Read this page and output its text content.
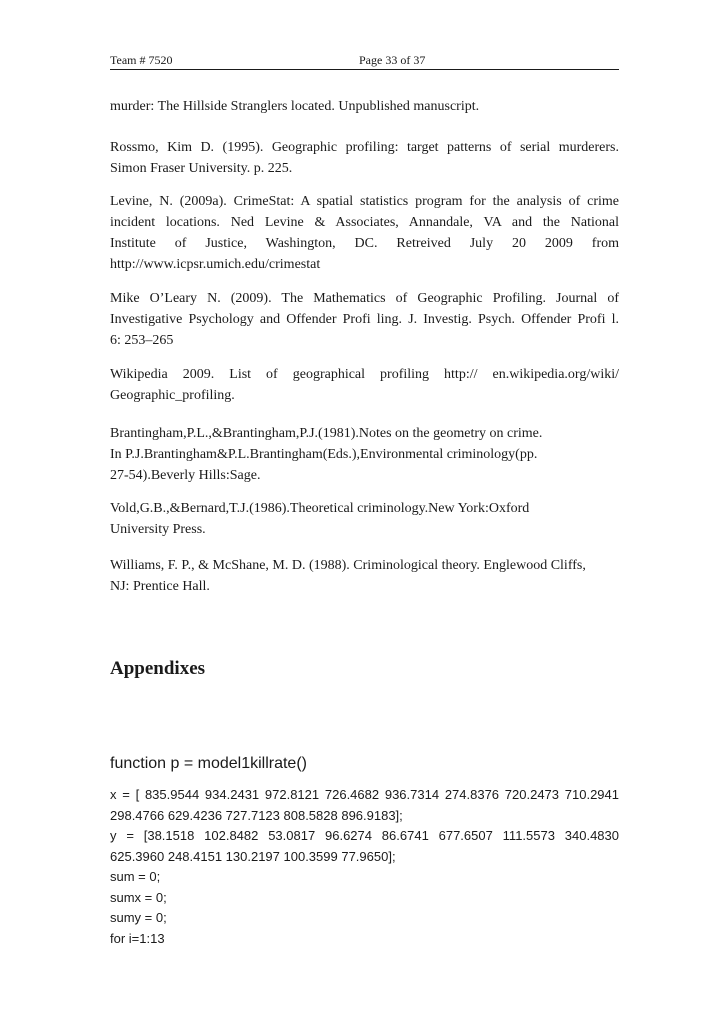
Team # 7520	Page 33 of 37
murder: The Hillside Stranglers located. Unpublished manuscript.
Rossmo, Kim D. (1995). Geographic profiling: target patterns of serial murderers.
Simon Fraser University. p. 225.
Levine, N. (2009a). CrimeStat: A spatial statistics program for the analysis of crime
incident locations. Ned Levine & Associates, Annandale, VA and the National
Institute of Justice, Washington, DC. Retreived July 20 2009 from
http://www.icpsr.umich.edu/crimestat
Mike O’Leary N. (2009). The Mathematics of Geographic Profiling. Journal of
Investigative Psychology and Offender Profi ling. J. Investig. Psych. Offender Profi l.
6: 253–265
Wikipedia 2009. List of geographical profiling http:// en.wikipedia.org/wiki/
Geographic_profiling.
Brantingham,P.L.,&Brantingham,P.J.(1981).Notes on the geometry on crime.
In P.J.Brantingham&P.L.Brantingham(Eds.),Environmental criminology(pp.
27-54).Beverly Hills:Sage.
Vold,G.B.,&Bernard,T.J.(1986).Theoretical criminology.New York:Oxford
University Press.
Williams, F. P., & McShane, M. D. (1988). Criminological theory. Englewood Cliffs,
NJ: Prentice Hall.
Appendixes
function p = model1killrate()
x = [ 835.9544 934.2431 972.8121 726.4682 936.7314 274.8376 720.2473 710.2941
298.4766 629.4236 727.7123 808.5828 896.9183];
y = [38.1518 102.8482 53.0817 96.6274 86.6741 677.6507 111.5573 340.4830
625.3960 248.4151 130.2197 100.3599 77.9650];
sum = 0;
sumx = 0;
sumy = 0;
for i=1:13
